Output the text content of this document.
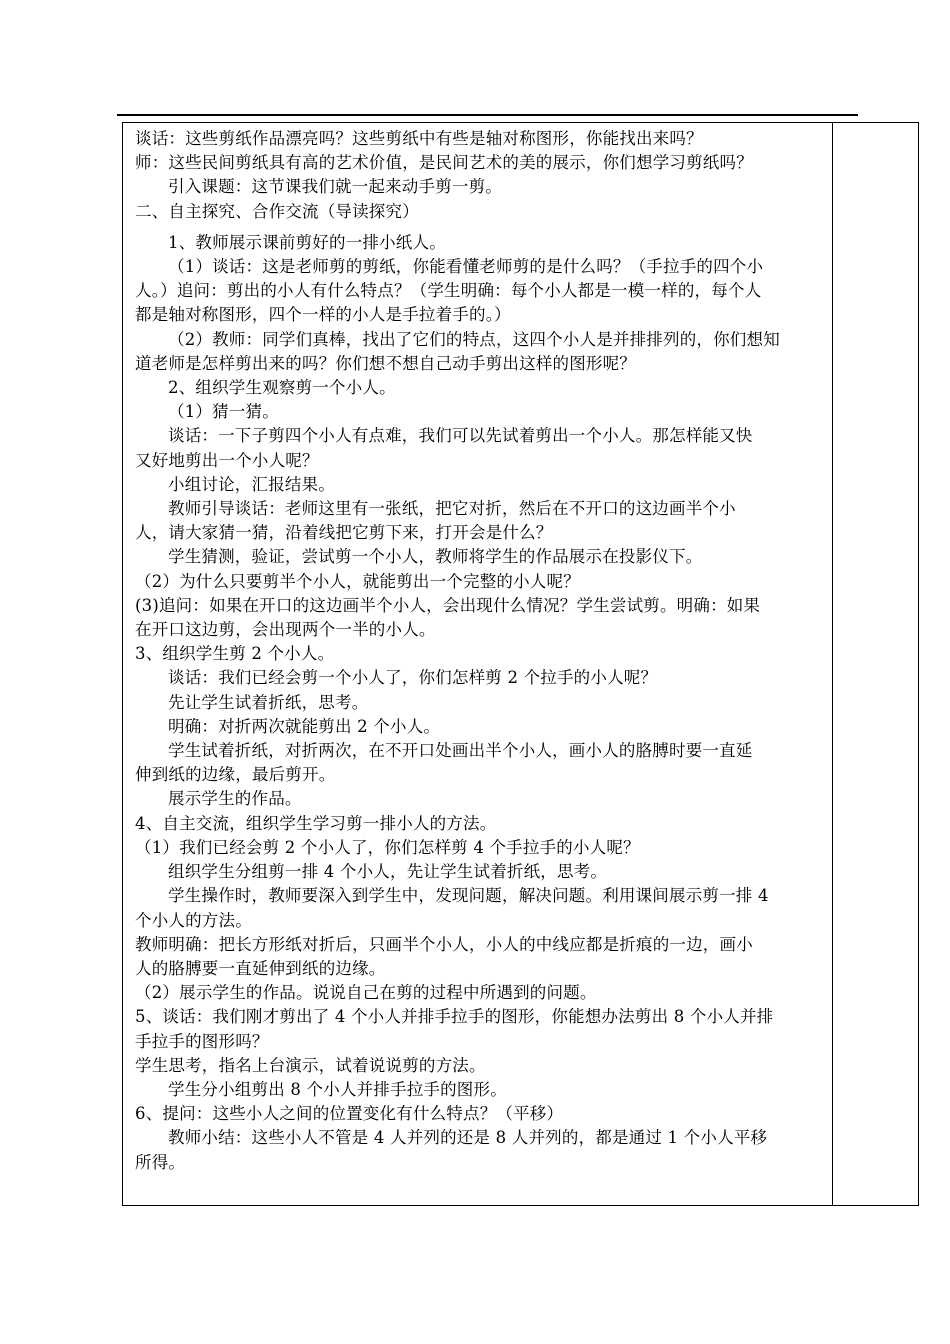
谈话：这些剪纸作品漂亮吗？这些剪纸中有些是轴对称图形，你能找出来吗？
师：这些民间剪纸具有高的艺术价值，是民间艺术的美的展示，你们想学习剪纸吗？
引入课题：这节课我们就一起来动手剪一剪。
二、自主探究、合作交流（导读探究）
1、教师展示课前剪好的一排小纸人。
（1）谈话：这是老师剪的剪纸，你能看懂老师剪的是什么吗？（手拉手的四个小
人。）追问：剪出的小人有什么特点？（学生明确：每个小人都是一模一样的，每个人
都是轴对称图形，四个一样的小人是手拉着手的。）
（2）教师：同学们真棒，找出了它们的特点，这四个小人是并排排列的，你们想知
道老师是怎样剪出来的吗？你们想不想自己动手剪出这样的图形呢？
2、组织学生观察剪一个小人。
（1）猜一猜。
谈话：一下子剪四个小人有点难，我们可以先试着剪出一个小人。那怎样能又快
又好地剪出一个小人呢？
小组讨论，汇报结果。
教师引导谈话：老师这里有一张纸，把它对折，然后在不开口的这边画半个小
人，请大家猜一猜，沿着线把它剪下来，打开会是什么？
学生猜测，验证，尝试剪一个小人，教师将学生的作品展示在投影仪下。
（2）为什么只要剪半个小人，就能剪出一个完整的小人呢？
(3)追问：如果在开口的这边画半个小人，会出现什么情况？学生尝试剪。明确：如果
在开口这边剪，会出现两个一半的小人。
3、组织学生剪 2 个小人。
谈话：我们已经会剪一个小人了，你们怎样剪 2 个拉手的小人呢？
先让学生试着折纸，思考。
明确：对折两次就能剪出 2 个小人。
学生试着折纸，对折两次，在不开口处画出半个小人，画小人的胳膊时要一直延
伸到纸的边缘，最后剪开。
展示学生的作品。
4、自主交流，组织学生学习剪一排小人的方法。
（1）我们已经会剪 2 个小人了，你们怎样剪 4 个手拉手的小人呢？
组织学生分组剪一排 4 个小人，先让学生试着折纸，思考。
学生操作时，教师要深入到学生中，发现问题，解决问题。利用课间展示剪一排 4
个小人的方法。
教师明确：把长方形纸对折后，只画半个小人，小人的中线应都是折痕的一边，画小
人的胳膊要一直延伸到纸的边缘。
（2）展示学生的作品。说说自己在剪的过程中所遇到的问题。
5、谈话：我们刚才剪出了 4 个小人并排手拉手的图形，你能想办法剪出 8 个小人并排
手拉手的图形吗？
学生思考，指名上台演示，试着说说剪的方法。
学生分小组剪出 8 个小人并排手拉手的图形。
6、提问：这些小人之间的位置变化有什么特点？（平移）
教师小结：这些小人不管是 4 人并列的还是 8 人并列的，都是通过 1 个小人平移
所得。
